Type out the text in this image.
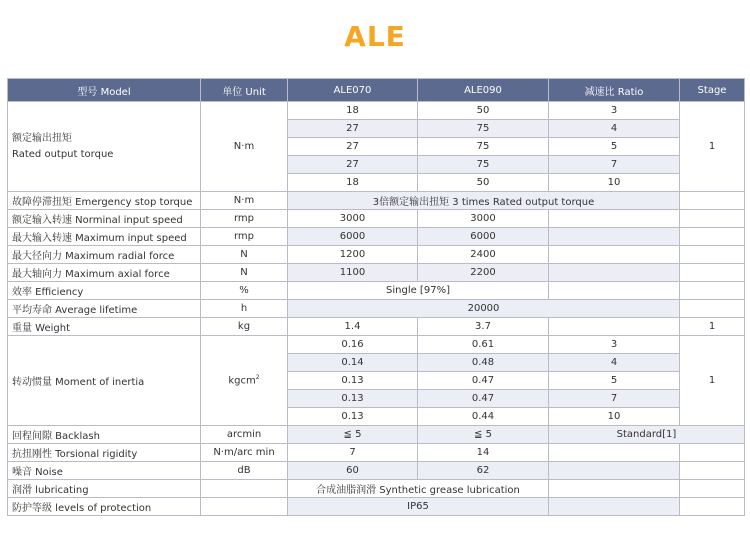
ALE
型号 Model	单位 Unit	ALE070	ALE090	减速比 Ratio	Stage
额定输出扭矩
Rated output torque	N·m	18	50	3	1
		27	75	4	
		27	75	5	
		27	75	7	
		18	50	10	
故障停滞扭矩 Emergency stop torque	N·m	3倍额定输出扭矩 3 times Rated output torque			
额定输入转速 Norminal input speed	rmp	3000	3000		
最大输入转速 Maximum input speed	rmp	6000	6000		
最大径向力 Maximum radial force	N	1200	2400		
最大轴向力 Maximum axial force	N	1100	2200		
效率 Efficiency	%	Single [97%]			
平均寿命 Average lifetime	h	20000			
重量 Weight	kg	1.4	3.7		1
转动惯量 Moment of inertia	kgcm$^2$	0.16	0.61	3	1
		0.14	0.48	4	
		0.13	0.47	5	
		0.13	0.47	7	
		0.13	0.44	10	
回程间隙 Backlash	arcmin	≦ 5	≦ 5	Standard[1]	
抗扭刚性 Torsional rigidity	N·m/arc min	7	14		
噪音 Noise	dB	60	62		
润滑 lubricating		合成油脂润滑 Synthetic grease lubrication			
防护等级 levels of protection		IP65			
